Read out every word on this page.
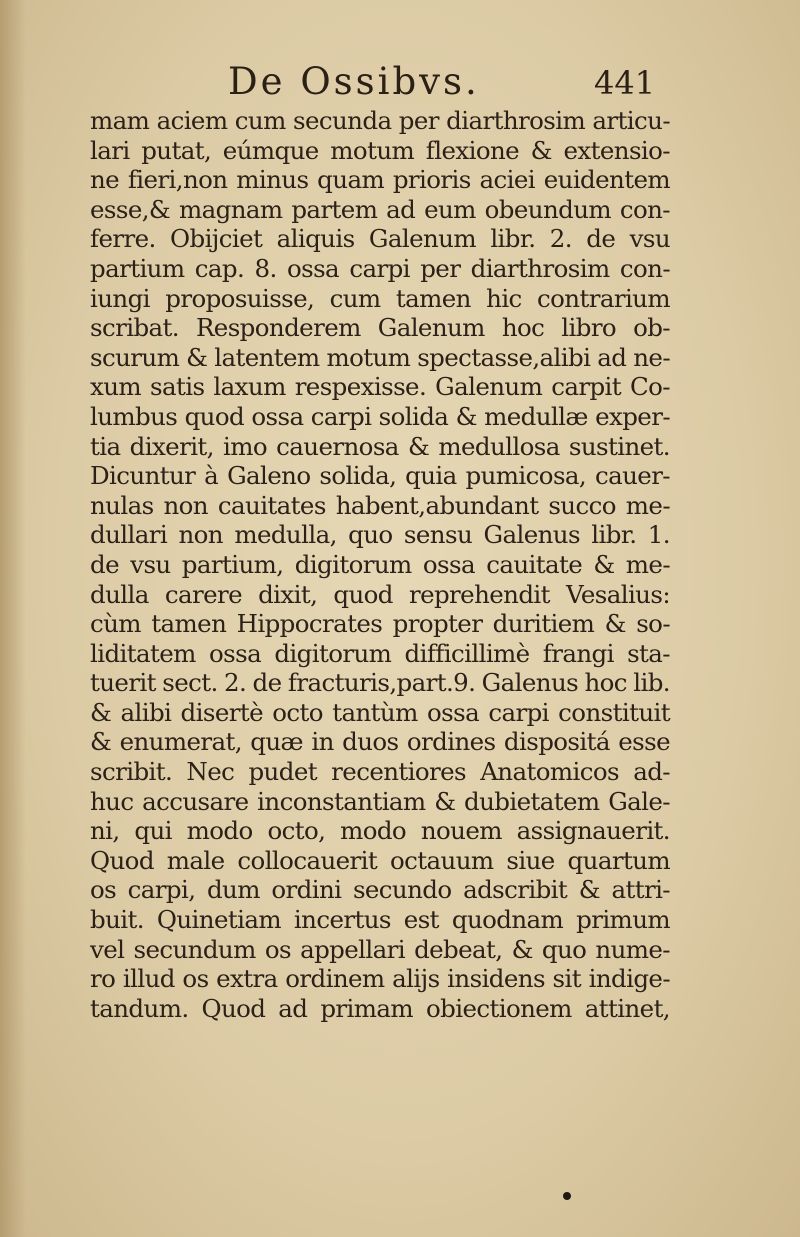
De Ossibvs.	441
mam aciem cum secunda per diarthrosim articu-
lari putat, eúmque motum flexione & extensio-
ne fieri,non minus quam prioris aciei euidentem
esse,& magnam partem ad eum obeundum con-
ferre. Obijciet aliquis Galenum libr. 2. de vsu
partium cap. 8. ossa carpi per diarthrosim con-
iungi proposuisse, cum tamen hic contrarium
scribat. Responderem Galenum hoc libro ob-
scurum & latentem motum spectasse,alibi ad ne-
xum satis laxum respexisse. Galenum carpit Co-
lumbus quod ossa carpi solida & medullæ exper-
tia dixerit, imo cauernosa & medullosa sustinet.
Dicuntur à Galeno solida, quia pumicosa, cauer-
nulas non cauitates habent,abundant succo me-
dullari non medulla, quo sensu Galenus libr. 1.
de vsu partium, digitorum ossa cauitate & me-
dulla carere dixit, quod reprehendit Vesalius:
cùm tamen Hippocrates propter duritiem & so-
liditatem ossa digitorum difficillimè frangi sta-
tuerit sect. 2. de fracturis,part.9. Galenus hoc lib.
& alibi disertè octo tantùm ossa carpi constituit
& enumerat, quæ in duos ordines dispositá esse
scribit. Nec pudet recentiores Anatomicos ad-
huc accusare inconstantiam & dubietatem Gale-
ni, qui modo octo, modo nouem assignauerit.
Quod male collocauerit octauum siue quartum
os carpi, dum ordini secundo adscribit & attri-
buit. Quinetiam incertus est quodnam primum
vel secundum os appellari debeat, & quo nume-
ro illud os extra ordinem alijs insidens sit indige-
tandum. Quod ad primam obiectionem attinet,
